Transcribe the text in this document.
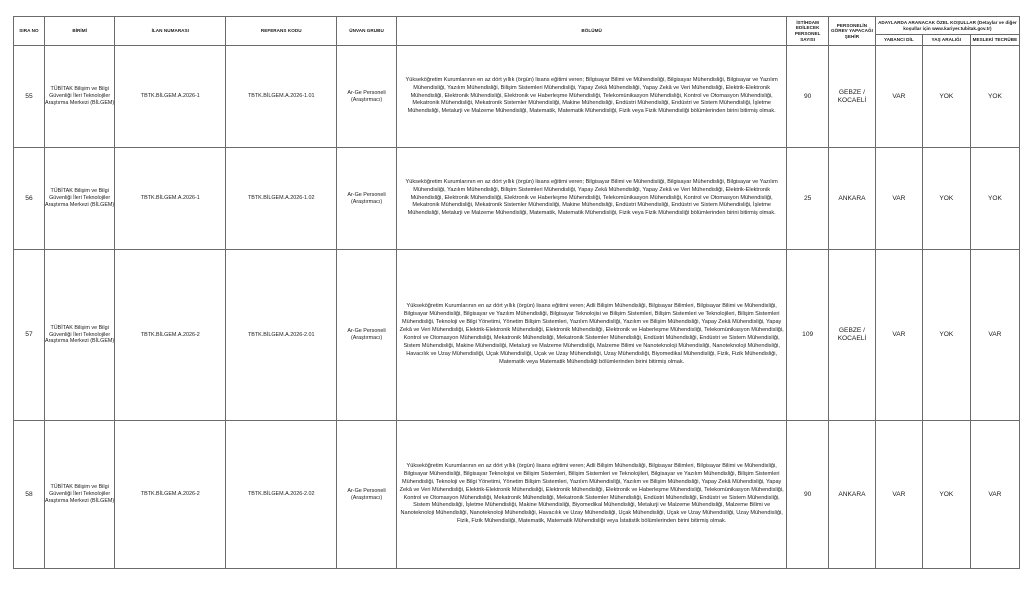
SIRA NO	BİRİMİ	İLAN NUMARASI	REFERANS KODU	ÜNVAN GRUBU	BÖLÜMÜ	İSTİHDAM EDİLECEK PERSONEL SAYISI	PERSONELİN GÖREV YAPACAĞI ŞEHİR	ADAYLARDA ARANACAK ÖZEL KOŞULLAR (Detaylar ve diğer koşullar için www.kariyer.tubitak.gov.tr)		
								YABANCI DİL	YAŞ ARALIĞI	MESLEKİ TECRÜBE
55	TÜBİTAK Bilişim ve Bilgi Güvenliği İleri Teknolojiler Araştırma Merkezi (BİLGEM)	TBTK.BİLGEM.A.2026-1	TBTK.BİLGEM.A.2026-1.01	Ar-Ge Personeli (Araştırmacı)	Yükseköğretim Kurumlarının en az dört yıllık (örgün) lisans eğitimi veren; Bilgisayar Bilimi ve Mühendisliği, Bilgisayar Mühendisliği, Bilgisayar ve Yazılım Mühendisliği, Yazılım Mühendisliği, Bilişim Sistemleri Mühendisliği, Yapay Zekâ Mühendisliği, Yapay Zekâ ve Veri Mühendisliği, Elektrik-Elektronik Mühendisliği, Elektronik Mühendisliği, Elektronik ve Haberleşme Mühendisliği, Telekomünikasyon Mühendisliği, Kontrol ve Otomasyon Mühendisliği, Mekatronik Mühendisliği, Mekatronik Sistemler Mühendisliği, Makine Mühendisliği, Endüstri Mühendisliği, Endüstri ve Sistem Mühendisliği, İşletme Mühendisliği, Metalurji ve Malzeme Mühendisliği, Matematik, Matematik Mühendisliği, Fizik veya Fizik Mühendisliği bölümlerinden birini bitirmiş olmak.	90	GEBZE / KOCAELİ	VAR	YOK	YOK
56	TÜBİTAK Bilişim ve Bilgi Güvenliği İleri Teknolojiler Araştırma Merkezi (BİLGEM)	TBTK.BİLGEM.A.2026-1	TBTK.BİLGEM.A.2026-1.02	Ar-Ge Personeli (Araştırmacı)	Yükseköğretim Kurumlarının en az dört yıllık (örgün) lisans eğitimi veren; Bilgisayar Bilimi ve Mühendisliği, Bilgisayar Mühendisliği, Bilgisayar ve Yazılım Mühendisliği, Yazılım Mühendisliği, Bilişim Sistemleri Mühendisliği, Yapay Zekâ Mühendisliği, Yapay Zekâ ve Veri Mühendisliği, Elektrik-Elektronik Mühendisliği, Elektronik Mühendisliği, Elektronik ve Haberleşme Mühendisliği, Telekomünikasyon Mühendisliği, Kontrol ve Otomasyon Mühendisliği, Mekatronik Mühendisliği, Mekatronik Sistemler Mühendisliği, Makine Mühendisliği, Endüstri Mühendisliği, Endüstri ve Sistem Mühendisliği, İşletme Mühendisliği, Metalurji ve Malzeme Mühendisliği, Matematik, Matematik Mühendisliği, Fizik veya Fizik Mühendisliği bölümlerinden birini bitirmiş olmak.	25	ANKARA	VAR	YOK	YOK
57	TÜBİTAK Bilişim ve Bilgi Güvenliği İleri Teknolojiler Araştırma Merkezi (BİLGEM)	TBTK.BİLGEM.A.2026-2	TBTK.BİLGEM.A.2026-2.01	Ar-Ge Personeli (Araştırmacı)	Yükseköğretim Kurumlarının en az dört yıllık (örgün) lisans eğitimi veren; Adli Bilişim Mühendisliği, Bilgisayar Bilimleri, Bilgisayar Bilimi ve Mühendisliği, Bilgisayar Mühendisliği, Bilgisayar ve Yazılım Mühendisliği, Bilgisayar Teknolojisi ve Bilişim Sistemleri, Bilişim Sistemleri ve Teknolojileri, Bilişim Sistemleri Mühendisliği, Teknoloji ve Bilgi Yönetimi, Yönetim Bilişim Sistemleri, Yazılım Mühendisliği, Yazılım ve Bilişim Mühendisliği, Yapay Zekâ Mühendisliği, Yapay Zekâ ve Veri Mühendisliği, Elektrik-Elektronik Mühendisliği, Elektronik Mühendisliği, Elektronik ve Haberleşme Mühendisliği, Telekomünikasyon Mühendisliği, Kontrol ve Otomasyon Mühendisliği, Mekatronik Mühendisliği, Mekatronik Sistemler Mühendisliği, Endüstri Mühendisliği, Endüstri ve Sistem Mühendisliği, Sistem Mühendisliği, Makine Mühendisliği, Metalurji ve Malzeme Mühendisliği, Malzeme Bilimi ve Nanoteknoloji Mühendisliği, Nanoteknoloji Mühendisliği, Havacılık ve Uzay Mühendisliği, Uçak Mühendisliği, Uçak ve Uzay Mühendisliği, Uzay Mühendisliği, Biyomedikal Mühendisliği, Fizik, Fizik Mühendisliği, Matematik veya Matematik Mühendisliği bölümlerinden birini bitirmiş olmak.	109	GEBZE / KOCAELİ	VAR	YOK	VAR
58	TÜBİTAK Bilişim ve Bilgi Güvenliği İleri Teknolojiler Araştırma Merkezi (BİLGEM)	TBTK.BİLGEM.A.2026-2	TBTK.BİLGEM.A.2026-2.02	Ar-Ge Personeli (Araştırmacı)	Yükseköğretim Kurumlarının en az dört yıllık (örgün) lisans eğitimi veren; Adli Bilişim Mühendisliği, Bilgisayar Bilimleri, Bilgisayar Bilimi ve Mühendisliği, Bilgisayar Mühendisliği, Bilgisayar Teknolojisi ve Bilişim Sistemleri, Bilişim Sistemleri ve Teknolojileri, Bilgisayar ve Yazılım Mühendisliği, Bilişim Sistemleri Mühendisliği, Teknoloji ve Bilgi Yönetimi, Yönetim Bilişim Sistemleri, Yazılım Mühendisliği, Yazılım ve Bilişim Mühendisliği, Yapay Zekâ Mühendisliği, Yapay Zekâ ve Veri Mühendisliği, Elektrik-Elektronik Mühendisliği, Elektronik Mühendisliği, Elektronik ve Haberleşme Mühendisliği, Telekomünikasyon Mühendisliği, Kontrol ve Otomasyon Mühendisliği, Mekatronik Mühendisliği, Mekatronik Sistemler Mühendisliği, Endüstri Mühendisliği, Endüstri ve Sistem Mühendisliği, Sistem Mühendisliği, İşletme Mühendisliği, Makine Mühendisliği, Biyomedikal Mühendisliği, Metalurji ve Malzeme Mühendisliği, Malzeme Bilimi ve Nanoteknoloji Mühendisliği, Nanoteknoloji Mühendisliği, Havacılık ve Uzay Mühendisliği, Uçak Mühendisliği, Uçak ve Uzay Mühendisliği, Uzay Mühendisliği, Fizik, Fizik Mühendisliği, Matematik, Matematik Mühendisliği veya İstatistik bölümlerinden birini bitirmiş olmak.	90	ANKARA	VAR	YOK	VAR
